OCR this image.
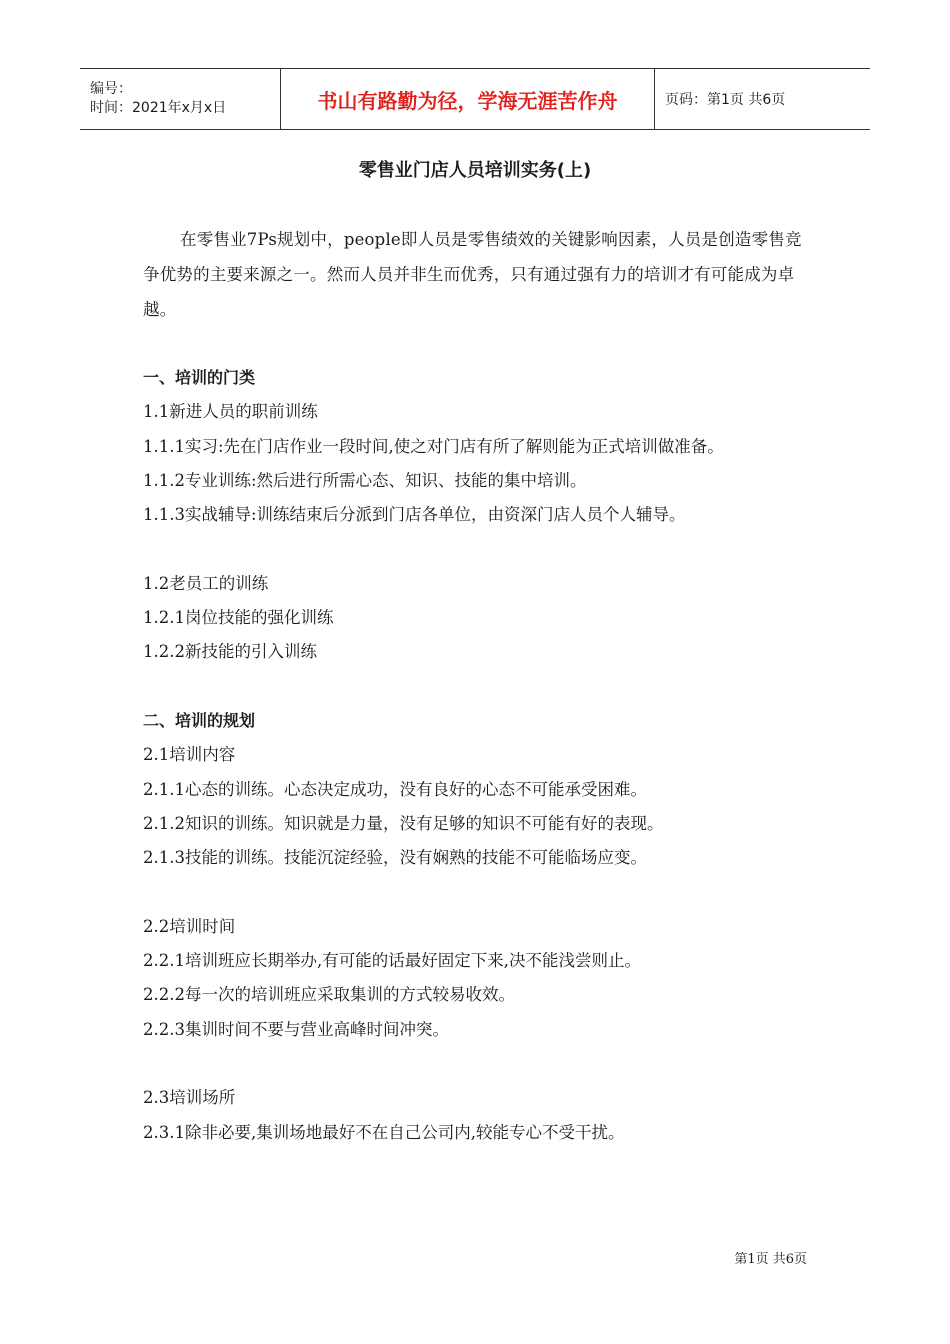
编号：
时间：2021年x月x日	书山有路勤为径，学海无涯苦作舟	页码：第1页 共6页
零售业门店人员培训实务(上)

在零售业7Ps规划中，people即人员是零售绩效的关键影响因素，人员是创造零售竞争优势的主要来源之一。然而人员并非生而优秀，只有通过强有力的培训才有可能成为卓越。

一、培训的门类
1.1新进人员的职前训练
1.1.1实习:先在门店作业一段时间,使之对门店有所了解则能为正式培训做准备。
1.1.2专业训练:然后进行所需心态、知识、技能的集中培训。
1.1.3实战辅导:训练结束后分派到门店各单位，由资深门店人员个人辅导。
1.2老员工的训练
1.2.1岗位技能的强化训练
1.2.2新技能的引入训练
二、培训的规划
2.1培训内容
2.1.1心态的训练。心态决定成功，没有良好的心态不可能承受困难。
2.1.2知识的训练。知识就是力量，没有足够的知识不可能有好的表现。
2.1.3技能的训练。技能沉淀经验，没有娴熟的技能不可能临场应变。
2.2培训时间
2.2.1培训班应长期举办,有可能的话最好固定下来,决不能浅尝则止。
2.2.2每一次的培训班应采取集训的方式较易收效。
2.2.3集训时间不要与营业高峰时间冲突。
2.3培训场所
2.3.1除非必要,集训场地最好不在自己公司内,较能专心不受干扰。
第1页 共6页
